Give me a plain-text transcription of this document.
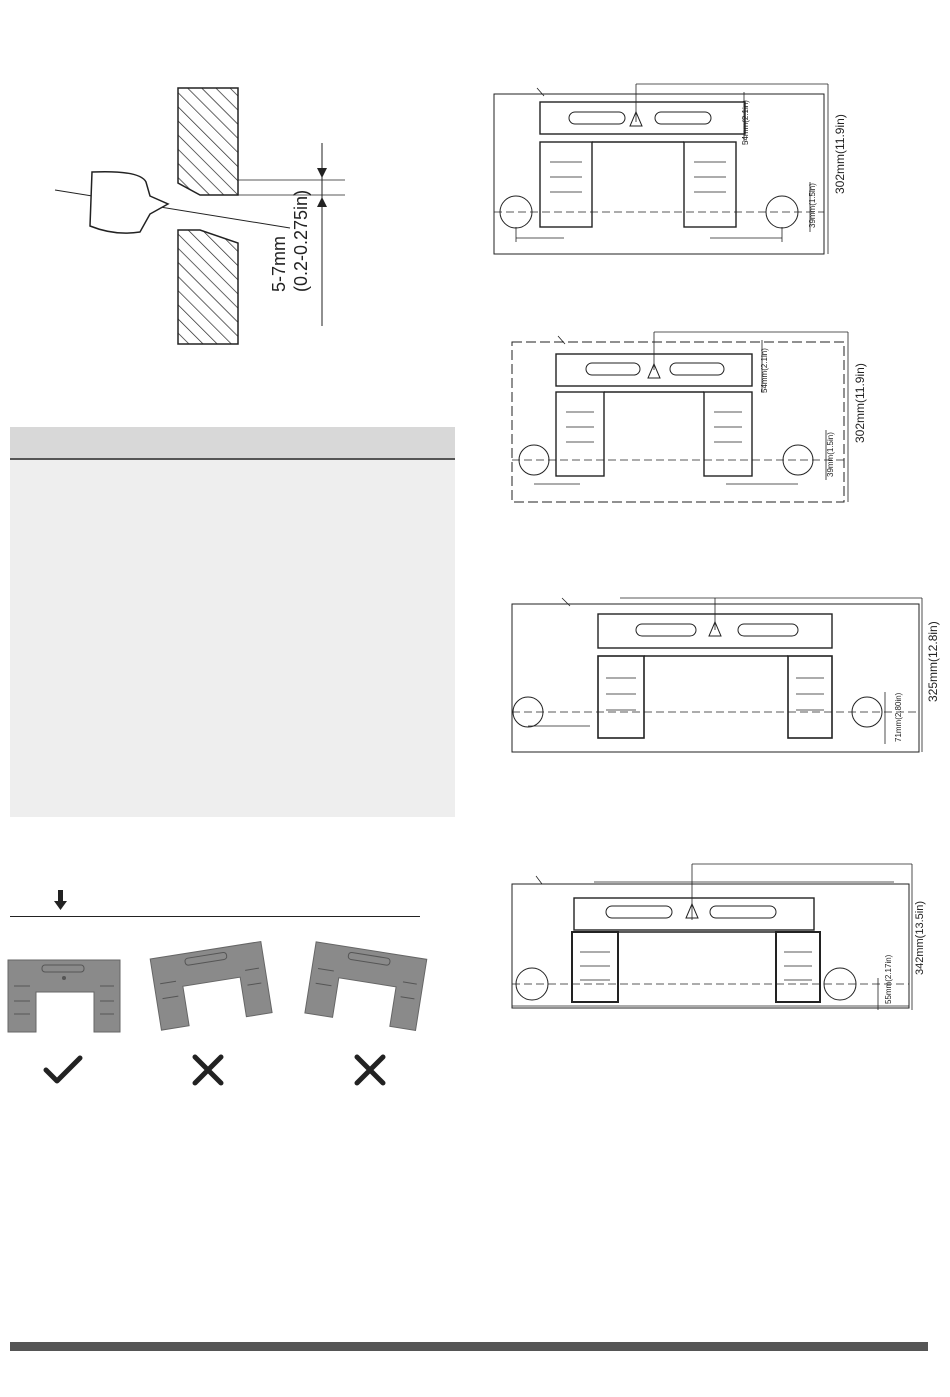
5-7mm (0.2-0.275in)
302mm(11.9in)
54mm(2.1in)
39mm(1.5in)
302mm(11.9in)
54mm(2.1in)
39mm(1.5in)
325mm(12.8in)
71mm(2.80in)
342mm(13.5in)
55mm(2.17in)
